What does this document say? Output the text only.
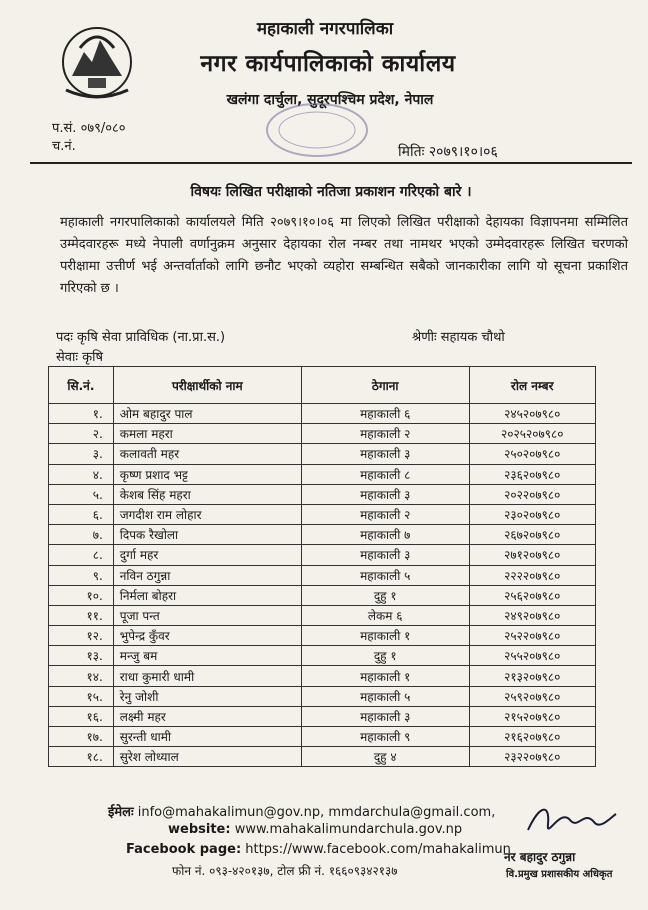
महाकाली नगरपालिका
नगर कार्यपालिकाको कार्यालय
खलंगा दार्चुला, सुदूरपश्चिम प्रदेश, नेपाल
प.सं. ०७९/०८०
च.नं.	मितिः २०७९।१०।०६
विषयः लिखित परीक्षाको नतिजा प्रकाशन गरिएको बारे ।
महाकाली नगरपालिकाको कार्यालयले मिति २०७९।१०।०६ मा लिएको लिखित परीक्षाको देहायका विज्ञापनमा सम्मिलित उम्मेदवारहरू मध्ये नेपाली वर्णानुक्रम अनुसार देहायका रोल नम्बर तथा नामथर भएको उम्मेदवारहरू लिखित चरणको परीक्षामा उत्तीर्ण भई अन्तर्वार्ताको लागि छनौट भएको व्यहोरा सम्बन्धित सबैको जानकारीका लागि यो सूचना प्रकाशित गरिएको छ ।
पदः कृषि सेवा प्राविधिक (ना.प्रा.स.)	श्रेणीः सहायक चौथो
सेवाः कृषि
सि.नं.	परीक्षार्थीको नाम	ठेगाना	रोल नम्बर
१.	ओम बहादुर पाल	महाकाली ६	२४५२०७९८०
२.	कमला महरा	महाकाली २	२०२५२०७९८०
३.	कलावती महर	महाकाली ३	२५०२०७९८०
४.	कृष्ण प्रशाद भट्ट	महाकाली ८	२३६२०७९८०
५.	केशब सिंह महरा	महाकाली ३	२०२२०७९८०
६.	जगदीश राम लोहार	महाकाली २	२३०२०७९८०
७.	दिपक रैखोला	महाकाली ७	२६७२०७९८०
८.	दुर्गा महर	महाकाली ३	२७१२०७९८०
९.	नविन ठगुन्ना	महाकाली ५	२२२२०७९८०
१०.	निर्मला बोहरा	दुहु १	२५६२०७९८०
११.	पूजा पन्त	लेकम ६	२४९२०७९८०
१२.	भुपेन्द्र कुँवर	महाकाली १	२५२२०७९८०
१३.	मन्जु बम	दुहु १	२५५२०७९८०
१४.	राधा कुमारी धामी	महाकाली १	२१३२०७९८०
१५.	रेनु जोशी	महाकाली ५	२५९२०७९८०
१६.	लक्ष्मी महर	महाकाली ३	२१५२०७९८०
१७.	सुरन्ती धामी	महाकाली ९	२१६२०७९८०
१८.	सुरेश लोध्याल	दुहु ४	२३२२०७९८०
ईमेलः info@mahakalimun@gov.np, mmdarchula@gmail.com,
website: www.mahakalimundarchula.gov.np
Facebook page: https://www.facebook.com/mahakalimun
फोन नं. ०९३-४२०१३७, टोल फ्री नं. १६६०९३४२१३७
नर बहादुर ठगुन्ना
वि.प्रमुख प्रशासकीय अधिकृत
